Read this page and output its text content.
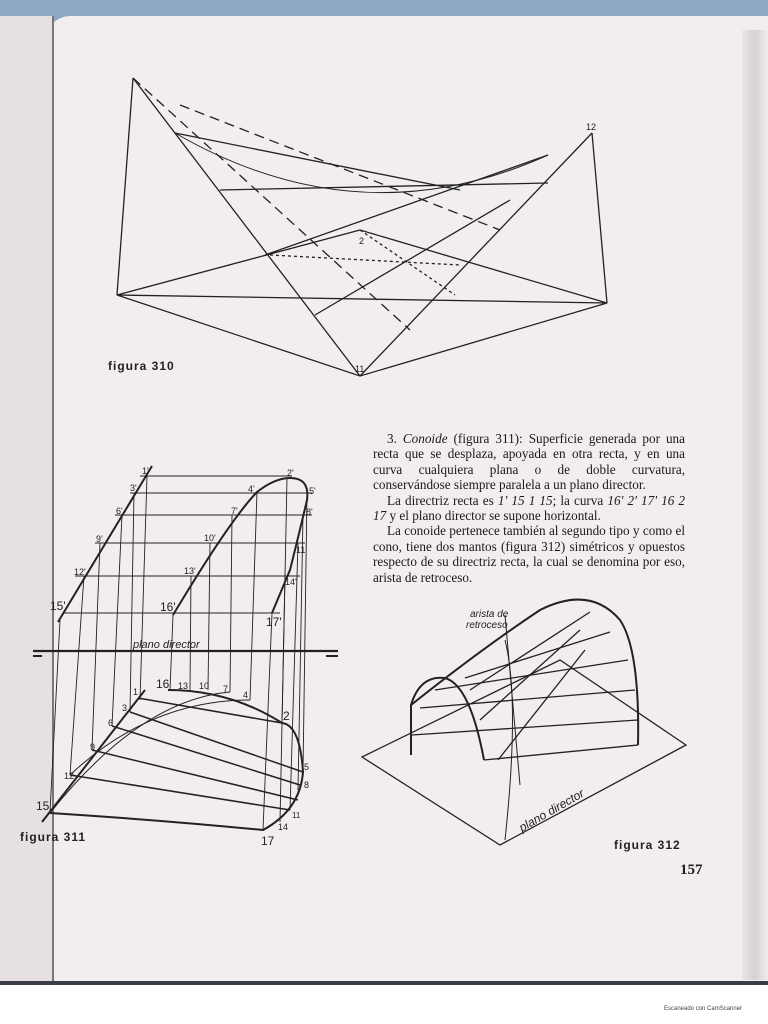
12
2
11
figura 310
1'	2'
3'	4'	5'
6'	7'	8'
9'	10'
11'
12'	13'
14'
15'	16'
17'
plano director
1
2
3
4
5
6
7
8
9
10
11
12
13
14
15
16
17
figura 311

3. Conoide (figura 311): Superficie generada por una recta que se desplaza, apoyada en otra recta, y en una curva cualquiera plana o de doble curvatura, conservándose siempre paralela a un plano director.

La directriz recta es 1' 15 1 15; la curva 16' 2' 17' 16 2 17 y el plano director se supone horizontal.

La conoide pertenece también al segundo tipo y como el cono, tiene dos mantos (figura 312) simétricos y opuestos respecto de su directriz recta, la cual se denomina por eso, arista de retroceso.

arista de
retroceso
plano director
figura 312
157
Escaneado con CamScanner
